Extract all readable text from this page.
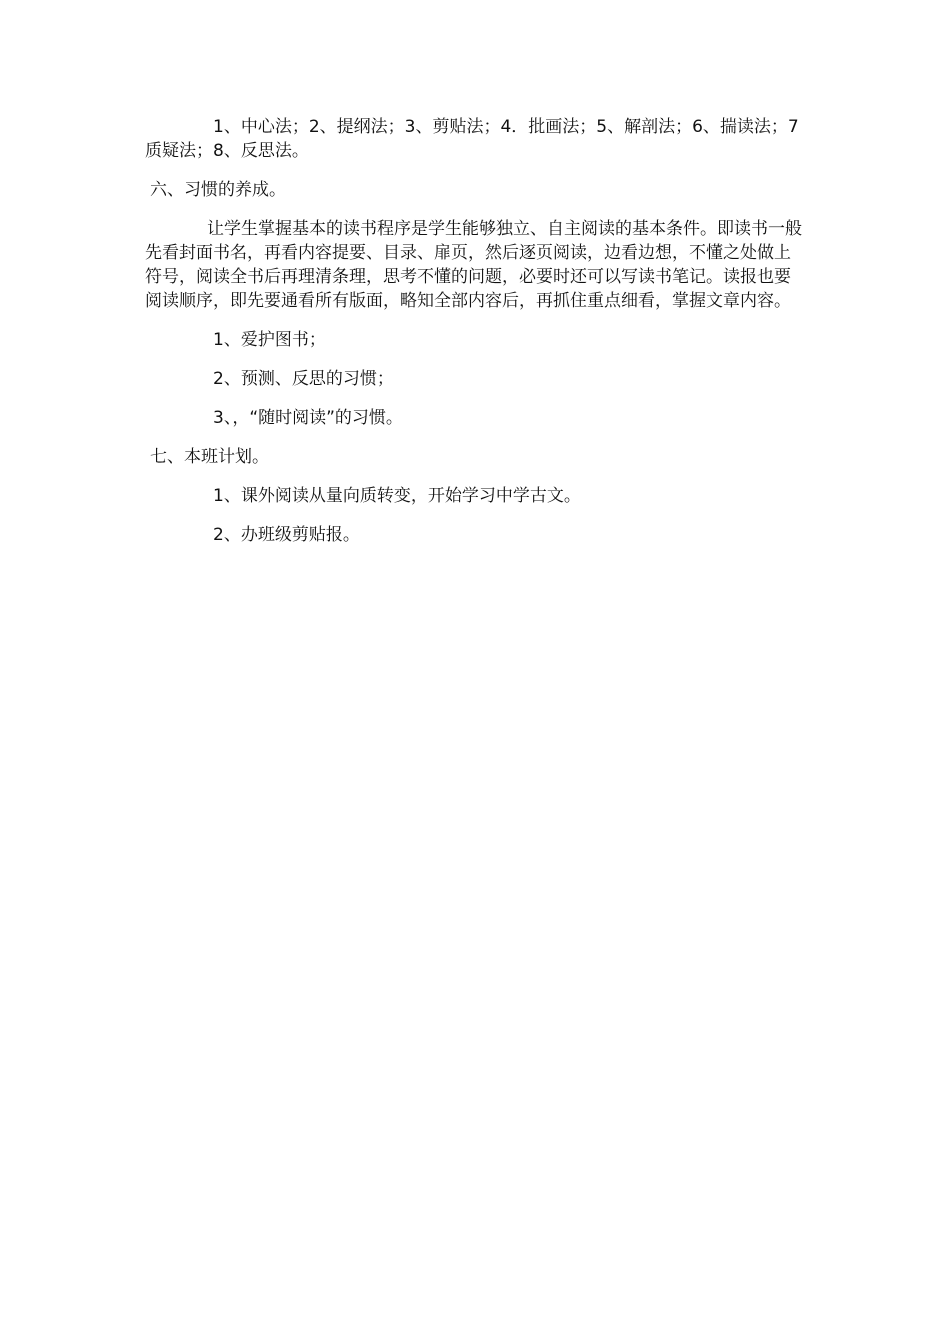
1、中心法；2、提纲法；3、剪贴法；4．批画法；5、解剖法；6、揣读法；7 质疑法；8、反思法。

六、习惯的养成。

让学生掌握基本的读书程序是学生能够独立、自主阅读的基本条件。即读书一般先看封面书名，再看内容提要、目录、扉页，然后逐页阅读，边看边想，不懂之处做上符号，阅读全书后再理清条理，思考不懂的问题，必要时还可以写读书笔记。读报也要阅读顺序，即先要通看所有版面，略知全部内容后，再抓住重点细看，掌握文章内容。

1、爱护图书；

2、预测、反思的习惯；

3、，“随时阅读”的习惯。

七、本班计划。

1、课外阅读从量向质转变，开始学习中学古文。

2、办班级剪贴报。
